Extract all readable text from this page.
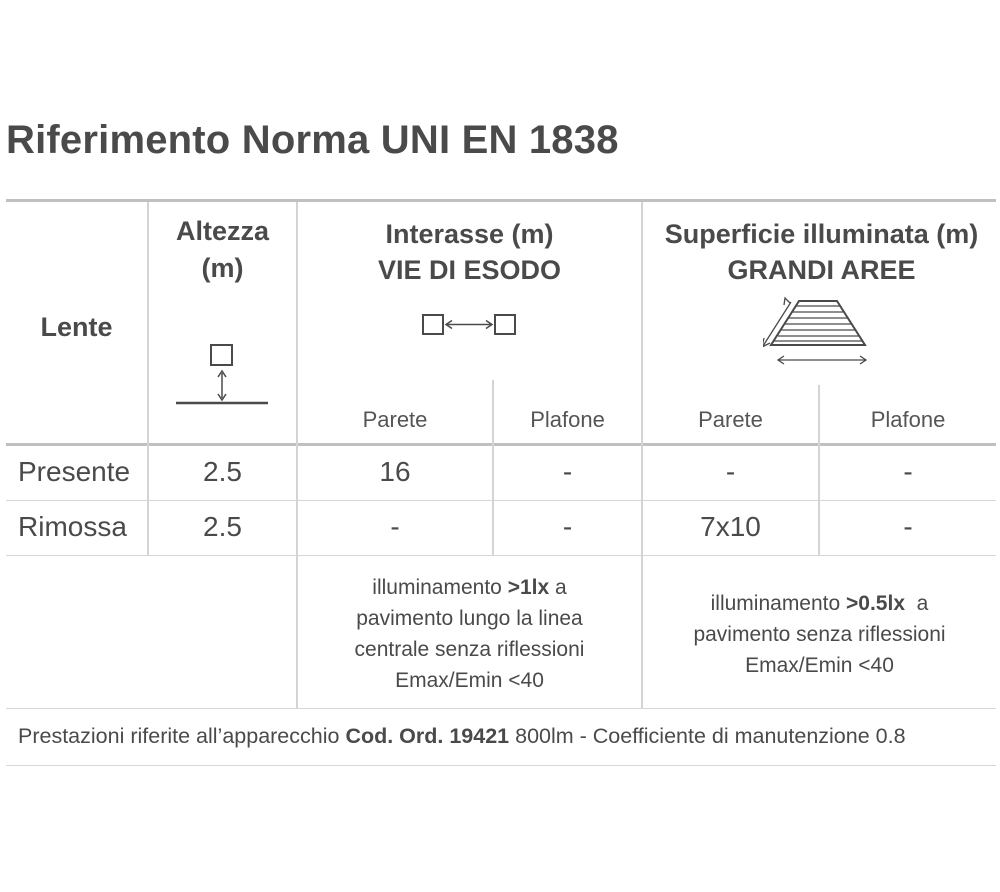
Riferimento Norma UNI EN 1838
Lente
Altezza
(m)
Interasse (m)
VIE DI ESODO
Superficie illuminata (m)
GRANDI AREE
Parete	Plafone	Parete	Plafone
Presente	2.5	16	-	-	-
Rimossa	2.5	-	-	7x10	-
illuminamento >1lx a
pavimento lungo la linea
centrale senza riflessioni
Emax/Emin <40
illuminamento >0.5lx  a
pavimento senza riflessioni
Emax/Emin <40
Prestazioni riferite all’apparecchio Cod. Ord. 19421 800lm - Coefficiente di manutenzione 0.8
